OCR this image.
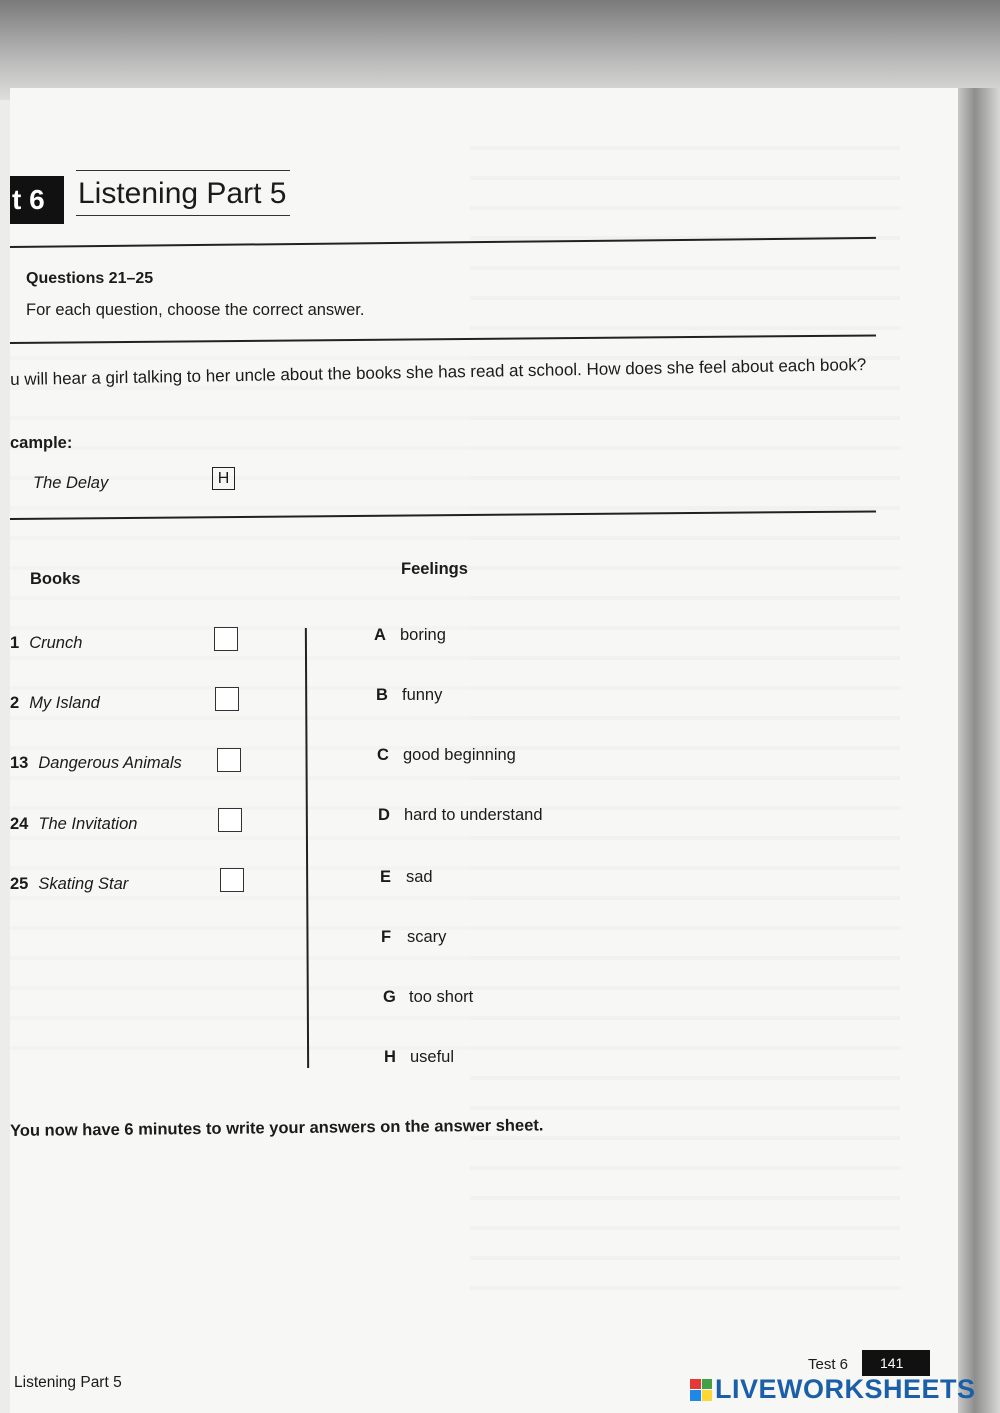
t 6	Listening Part 5
Questions 21–25
For each question, choose the correct answer.
u will hear a girl talking to her uncle about the books she has read at school. How does she feel about each book?
cample:
The Delay	H
Books
Feelings
1 Crunch
2 My Island
13 Dangerous Animals
24 The Invitation
25 Skating Star
A boring
B funny
C good beginning
D hard to understand
E sad
F scary
G too short
H useful
You now have 6 minutes to write your answers on the answer sheet.
Listening Part 5
Test 6	141
LIVEWORKSHEETS
